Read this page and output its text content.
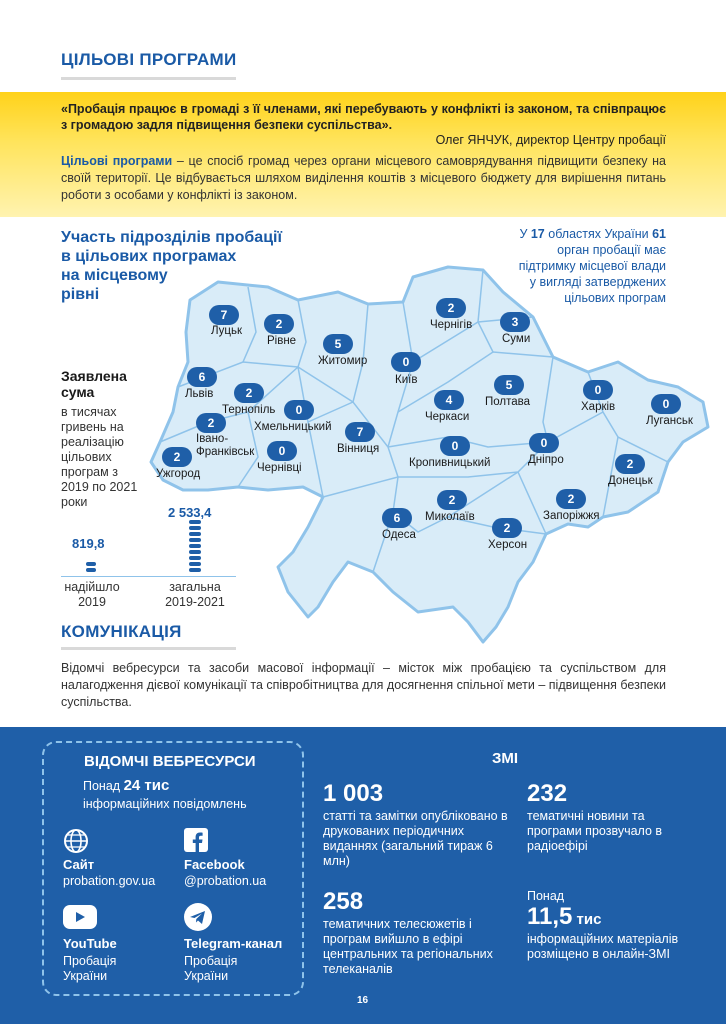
ЦІЛЬОВІ ПРОГРАМИ
«Пробація працює в громаді з її членами, які перебувають у конфлікті із законом, та співпрацює з громадою задля підвищення безпеки суспільства».
Олег ЯНЧУК, директор Центру пробації
Цільові програми – це спосіб громад через органи місцевого самоврядування підвищити безпеку на своїй території. Це відбувається шляхом виділення коштів з місцевого бюджету для вирішення питань роботи з особами у конфлікті із законом.
Участь підрозділів пробації
в цільових програмах
на місцевому
рівні
7
Луцьк	2
Рівне	5
Житомир	0
Київ
2
Чернігів	3
Суми
6
Львів	2
Тернопіль	0
Хмельницький
2
Івано-
Франківськ	0
Чернівці
2
Ужгород
7
Вінниця
4
Черкаси
5
Полтава
0
Харків	0
Луганськ
0
Кропивницький
0
Дніпро	2
Донецьк
6
Одеса
2
Миколаїв
2
Запоріжжя
2
Херсон
У 17 областях України 61 орган пробації має підтримку місцевої влади у вигляді затверджених цільових програм
Заявлена сума
в тисячах гривень на реалізацію цільових програм з 2019 по 2021 роки
819,8
2 533,4
надійшло
2019
загальна
2019-2021
КОМУНІКАЦІЯ
Відомчі вебресурси та засоби масової інформації – місток між пробацією та суспільством для налагодження дієвої комунікації та співробітництва для досягнення спільної мети – підвищення безпеки суспільства.
ВІДОМЧІ ВЕБРЕСУРСИ
Понад 24 тис
інформаційних повідомлень
Сайт
probation.gov.ua
Facebook
@probation.ua
YouTube
Пробація України
Telegram-канал
Пробація України
ЗМІ
1 003
статті та замітки опубліковано в друкованих періодичних виданнях (загальний тираж 6 млн)
232
тематичні новини та програми прозвучало в радіоефірі
258
тематичних телесюжетів і програм вийшло в ефірі центральних та регіональних телеканалів
Понад
11,5 тис
інформаційних матеріалів розміщено в онлайн-ЗМІ
16
